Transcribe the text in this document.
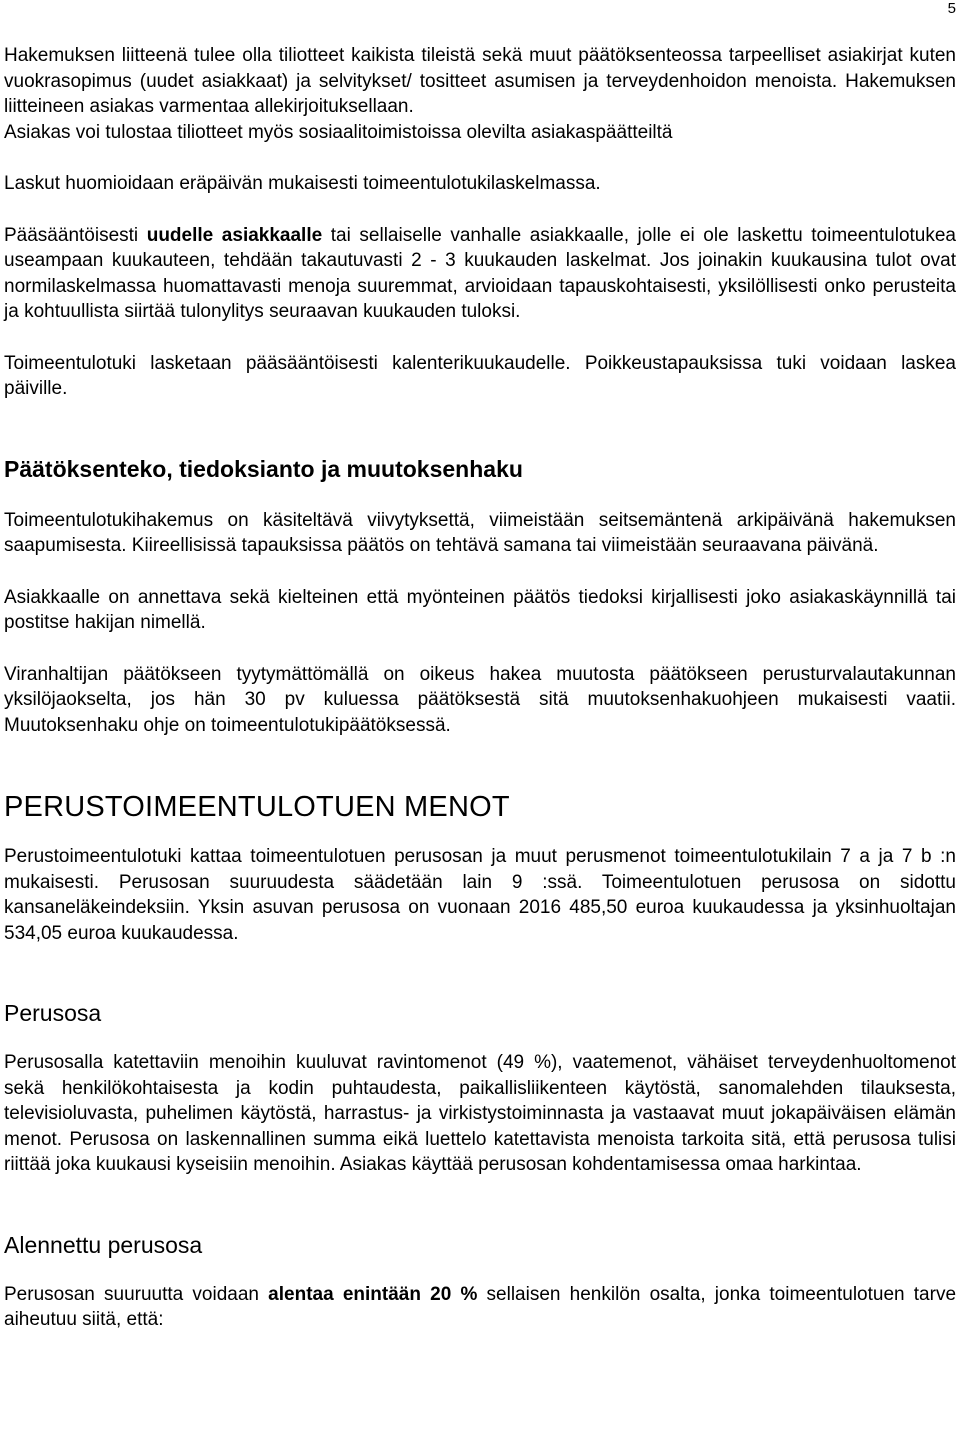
5

Hakemuksen liitteenä tulee olla tiliotteet kaikista tileistä sekä muut päätöksenteossa tarpeelliset asiakirjat kuten vuokrasopimus (uudet asiakkaat) ja selvitykset/ tositteet asumisen ja terveydenhoidon menoista. Hakemuksen liitteineen asiakas varmentaa allekirjoituksellaan.

Asiakas voi tulostaa tiliotteet myös sosiaalitoimistoissa olevilta asiakaspäätteiltä

Laskut huomioidaan eräpäivän mukaisesti toimeentulotukilaskelmassa.

Pääsääntöisesti uudelle asiakkaalle tai sellaiselle vanhalle asiakkaalle, jolle ei ole laskettu toimeentulotukea useampaan kuukauteen, tehdään takautuvasti 2 - 3 kuukauden laskelmat. Jos joinakin kuukausina tulot ovat normilaskelmassa huomattavasti menoja suuremmat, arvioidaan tapauskohtaisesti, yksilöllisesti onko perusteita ja kohtuullista siirtää tulonylitys seuraavan kuukauden tuloksi.

Toimeentulotuki lasketaan pääsääntöisesti kalenterikuukaudelle. Poikkeustapauksissa tuki voidaan laskea päiville.

Päätöksenteko, tiedoksianto ja muutoksenhaku

Toimeentulotukihakemus on käsiteltävä viivytyksettä, viimeistään seitsemäntenä arkipäivänä hakemuksen saapumisesta. Kiireellisissä tapauksissa päätös on tehtävä samana tai viimeistään seuraavana päivänä.

Asiakkaalle on annettava sekä kielteinen että myönteinen päätös tiedoksi kirjallisesti joko asiakaskäynnillä tai postitse hakijan nimellä.

Viranhaltijan päätökseen tyytymättömällä on oikeus hakea muutosta päätökseen perusturvalautakunnan yksilöjaokselta, jos hän 30 pv kuluessa päätöksestä sitä muutoksenhakuohjeen mukaisesti vaatii. Muutoksenhaku ohje on toimeentulotukipäätöksessä.

PERUSTOIMEENTULOTUEN MENOT

Perustoimeentulotuki kattaa toimeentulotuen perusosan ja muut perusmenot toimeentulotukilain 7 a ja 7 b :n mukaisesti. Perusosan suuruudesta säädetään lain 9 :ssä. Toimeentulotuen perusosa on sidottu kansaneläkeindeksiin. Yksin asuvan perusosa on vuonaan 2016 485,50 euroa kuukaudessa ja yksinhuoltajan 534,05 euroa kuukaudessa.

Perusosa

Perusosalla katettaviin menoihin kuuluvat ravintomenot (49 %), vaatemenot, vähäiset terveydenhuoltomenot sekä henkilökohtaisesta ja kodin puhtaudesta, paikallisliikenteen käytöstä, sanomalehden tilauksesta, televisioluvasta, puhelimen käytöstä, harrastus- ja virkistystoiminnasta ja vastaavat muut jokapäiväisen elämän menot. Perusosa on laskennallinen summa eikä luettelo katettavista menoista tarkoita sitä, että perusosa tulisi riittää joka kuukausi kyseisiin menoihin. Asiakas käyttää perusosan kohdentamisessa omaa harkintaa.

Alennettu perusosa

Perusosan suuruutta voidaan alentaa enintään 20 % sellaisen henkilön osalta, jonka toimeentulotuen tarve aiheutuu siitä, että:
